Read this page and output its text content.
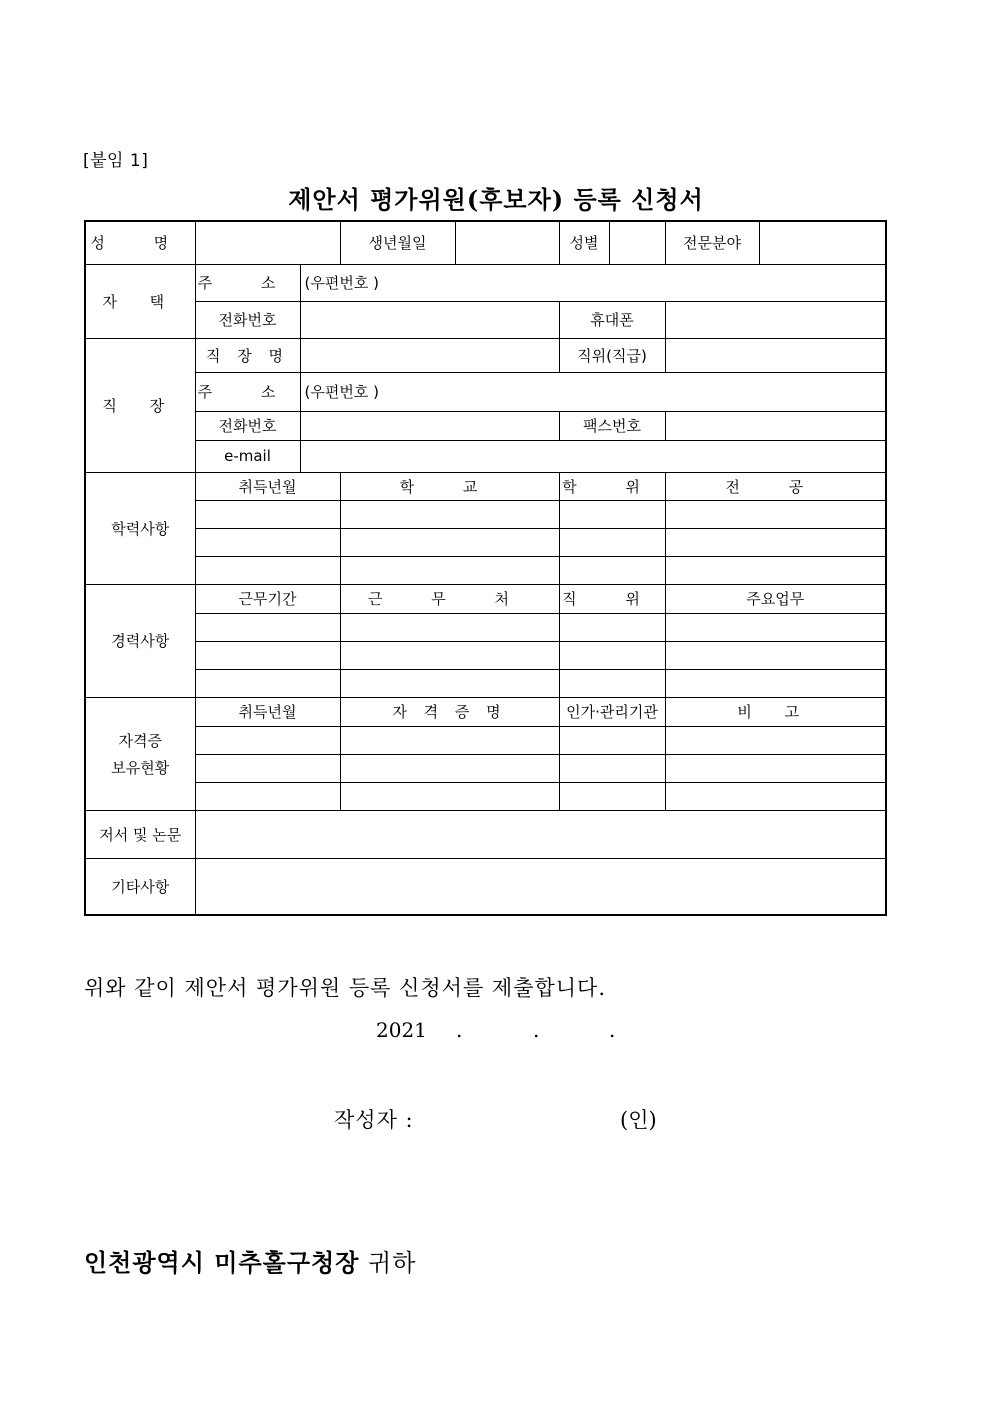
[붙임 1]
제안서 평가위원(후보자) 등록 신청서
성 명			생년월일		성별		전문분야	
자 택	주 소	(우편번호 )						
	전화번호				휴대폰			
직 장	직 장 명				직위(직급)			
	주 소	(우편번호 )						
	전화번호				팩스번호			
	e-mail							
학력사항	취득년월		학 교		학 위		전 공	

경력사항	근무기간		근 무 처		직 위		주요업무	

자격증
보유현황	취득년월		자 격 증 명		인가·관리기관		비 고	

저서 및 논문								
기타사항								
위와 같이 제안서 평가위원 등록 신청서를 제출합니다.
2021 .	.	.
작성자 :	(인)
인천광역시 미추홀구청장 귀하
